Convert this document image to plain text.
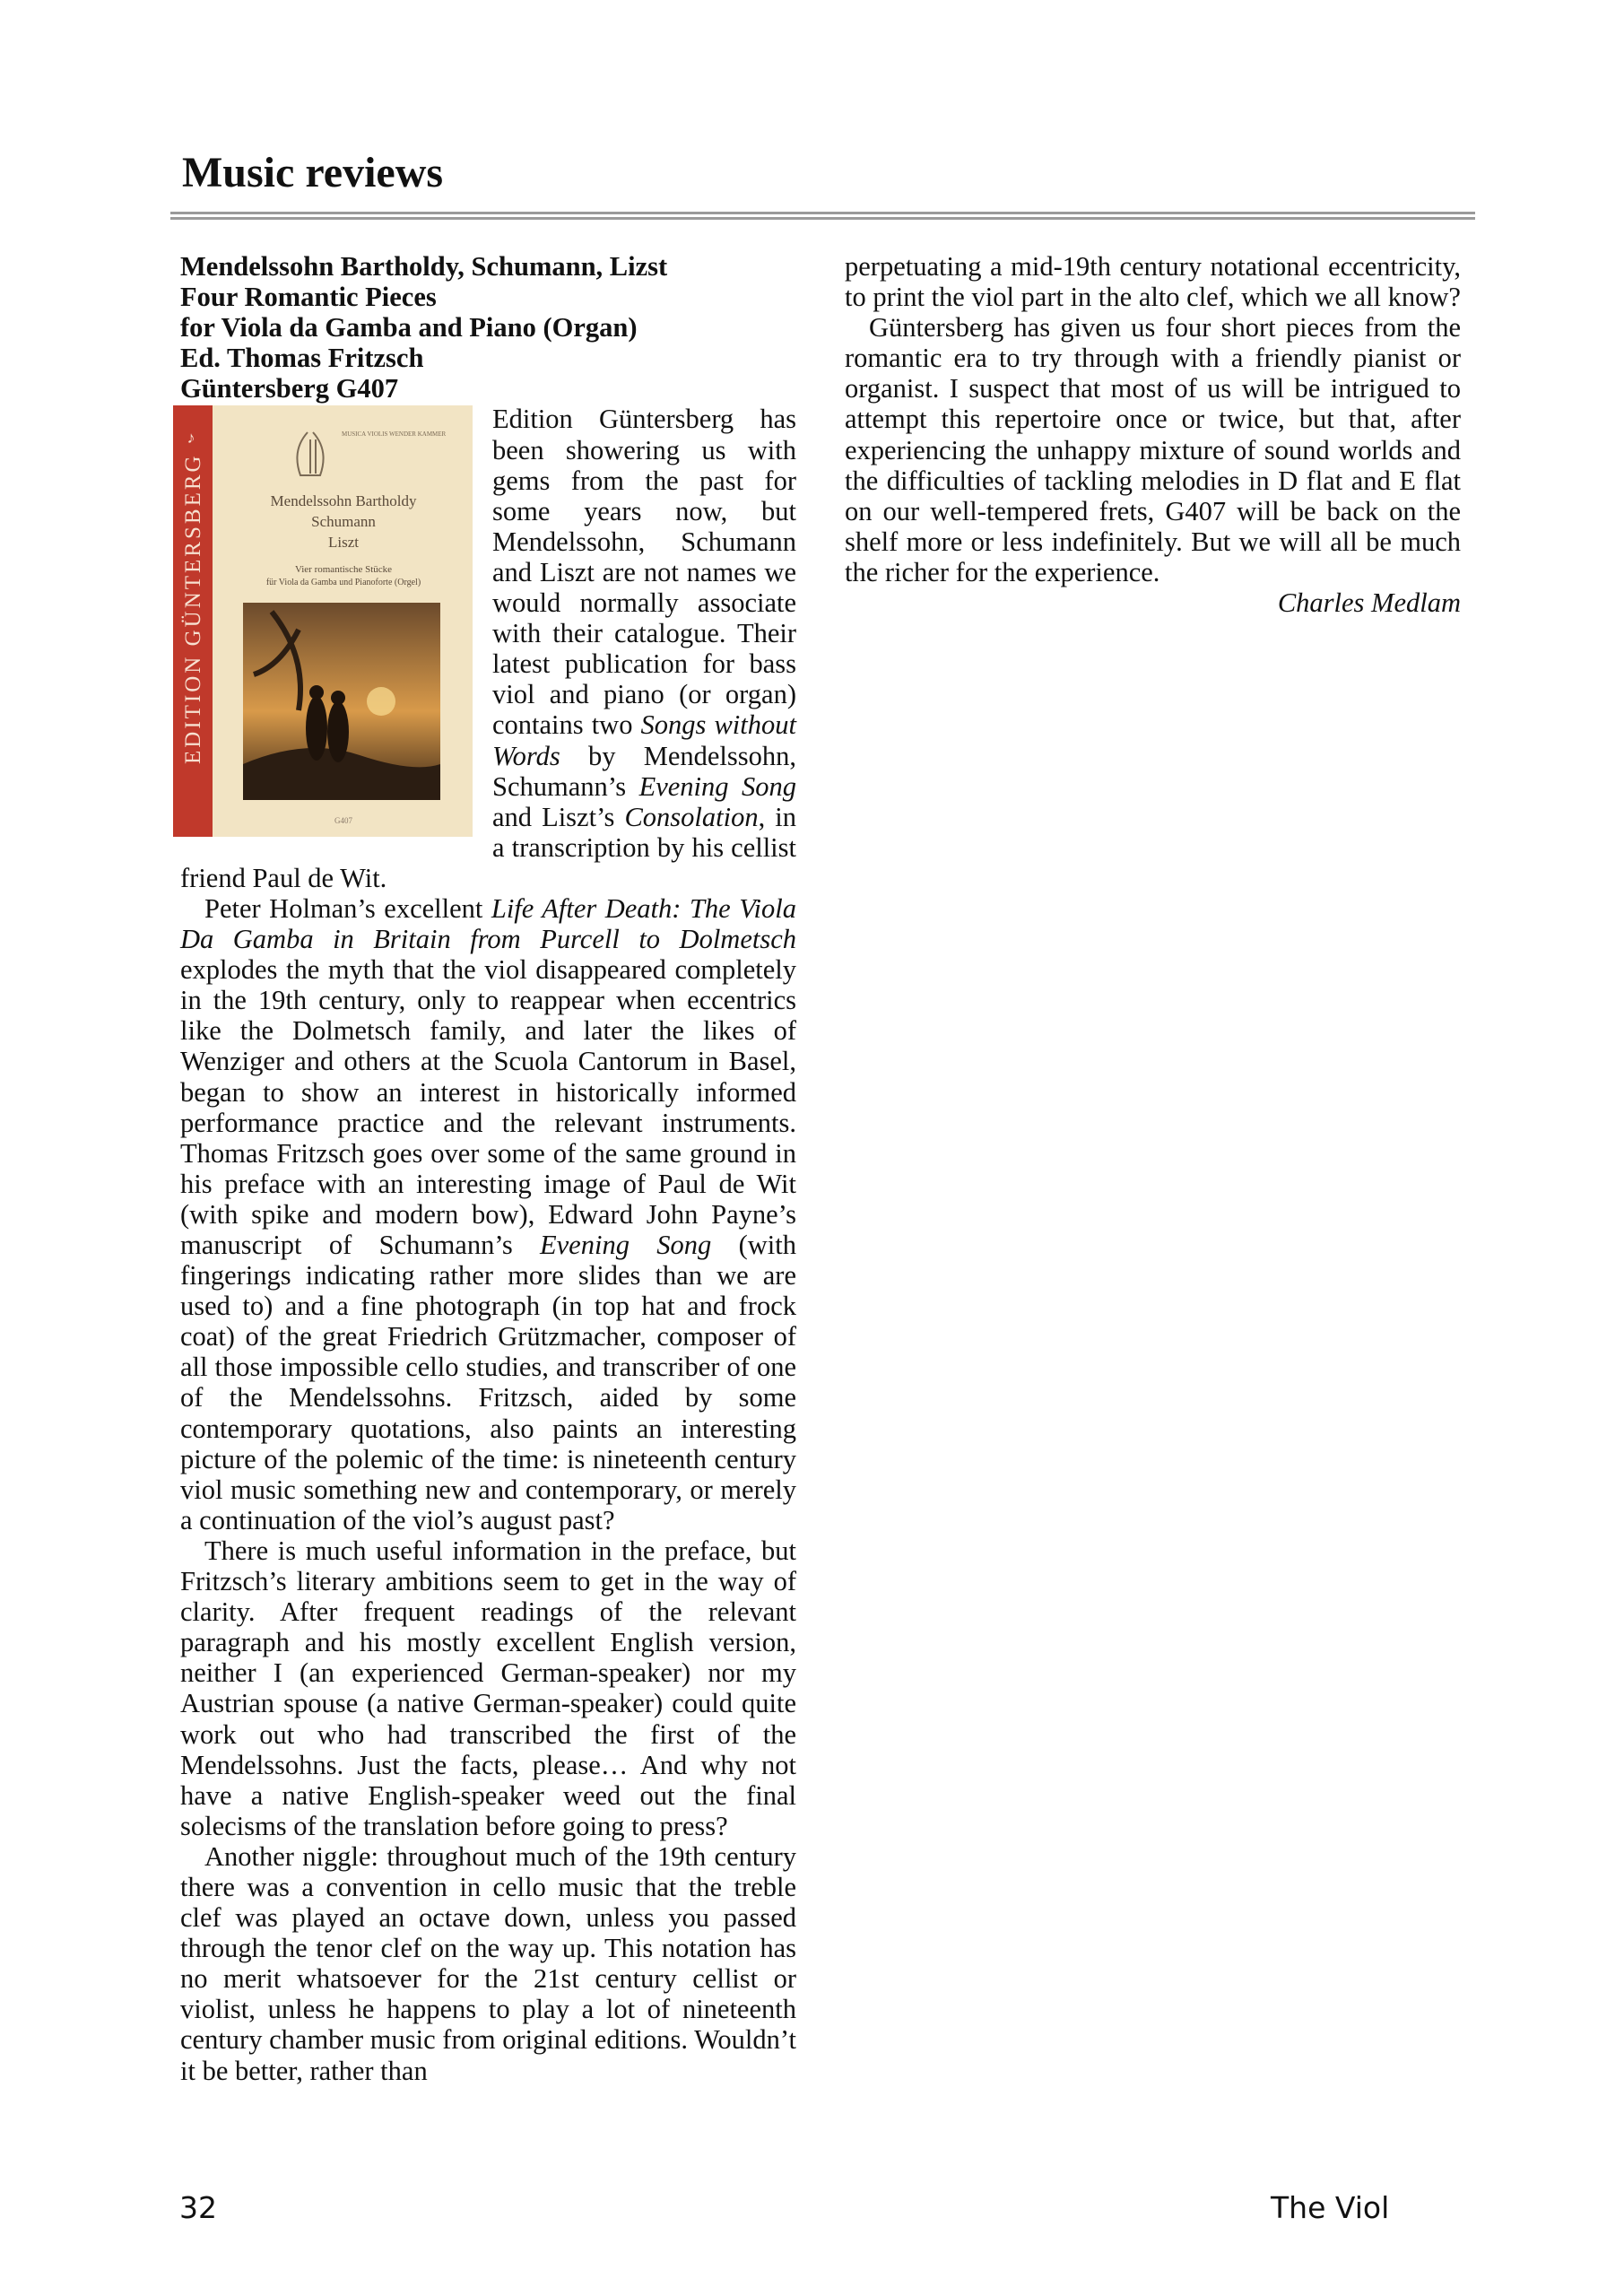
Music reviews

Mendelssohn Bartholdy, Schumann, Lizst

Four Romantic Pieces

for Viola da Gamba and Piano (Organ)

Ed. Thomas Fritzsch

Güntersberg G407

EDITION GÜNTERSBERG
♪	MUSICA VIOLIS WENDER KAMMER
Mendelssohn Bartholdy
Schumann
Liszt
Vier romantische Stücke
für Viola da Gamba und Pianoforte (Orgel)
G407

Edition Güntersberg has been showering us with gems from the past for some years now, but Mendelssohn, Schumann and Liszt are not names we would normally associate with their catalogue. Their latest publication for bass viol and piano (or organ) contains two Songs without Words by Mendelssohn, Schumann’s Evening Song and Liszt’s Consolation, in a transcription by his cellist friend Paul de Wit.

Peter Holman’s excellent Life After Death: The Viola Da Gamba in Britain from Purcell to Dolmetsch explodes the myth that the viol disappeared completely in the 19th century, only to reappear when eccentrics like the Dolmetsch family, and later the likes of Wenziger and others at the Scuola Cantorum in Basel, began to show an interest in historically informed performance practice and the relevant instruments. Thomas Fritzsch goes over some of the same ground in his preface with an interesting image of Paul de Wit (with spike and modern bow), Edward John Payne’s manuscript of Schumann’s Evening Song (with fingerings indicating rather more slides than we are used to) and a fine photograph (in top hat and frock coat) of the great Friedrich Grützmacher, composer of all those impossible cello studies, and transcriber of one of the Mendelssohns. Fritzsch, aided by some contemporary quotations, also paints an interesting picture of the polemic of the time: is nineteenth century viol music something new and contemporary, or merely a continuation of the viol’s august past?

There is much useful information in the preface, but Fritzsch’s literary ambitions seem to get in the way of clarity. After frequent readings of the relevant paragraph and his mostly excellent English version, neither I (an experienced German-speaker) nor my Austrian spouse (a native German-speaker) could quite work out who had transcribed the first of the Mendelssohns. Just the facts, please… And why not have a native English-speaker weed out the final solecisms of the translation before going to press?

Another niggle: throughout much of the 19th century there was a convention in cello music that the treble clef was played an octave down, unless you passed through the tenor clef on the way up. This notation has no merit whatsoever for the 21st century cellist or violist, unless he happens to play a lot of nineteenth century chamber music from original editions. Wouldn’t it be better, rather than

perpetuating a mid-19th century notational eccentricity, to print the viol part in the alto clef, which we all know?

Güntersberg has given us four short pieces from the romantic era to try through with a friendly pianist or organist. I suspect that most of us will be intrigued to attempt this repertoire once or twice, but that, after experiencing the unhappy mixture of sound worlds and the difficulties of tackling melodies in D flat and E flat on our well-tempered frets, G407 will be back on the shelf more or less indefinitely. But we will all be much the richer for the experience.

Charles Medlam

32	The Viol
